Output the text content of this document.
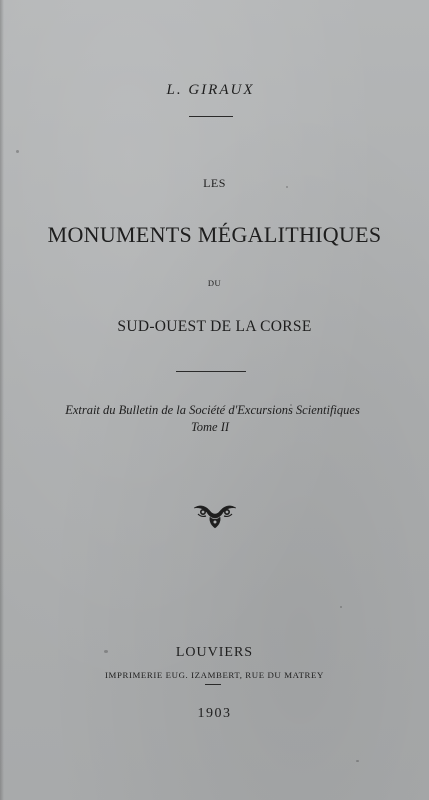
L. GIRAUX
LES
MONUMENTS MÉGALITHIQUES
DU
SUD-OUEST DE LA CORSE
Extrait du Bulletin de la Société d'Excursions Scientifiques
Tome II
LOUVIERS
IMPRIMERIE EUG. IZAMBERT, RUE DU MATREY
1903
